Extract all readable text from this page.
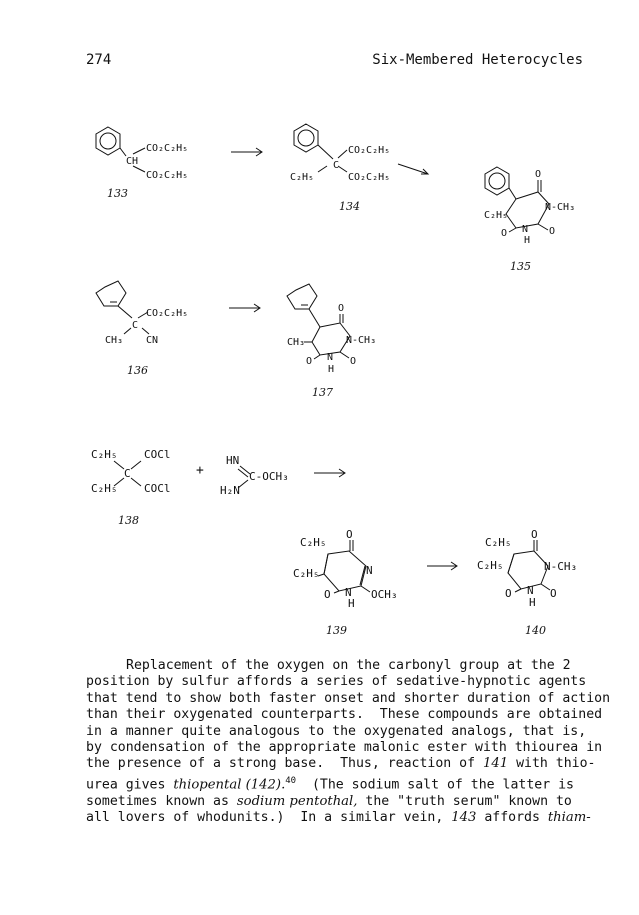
274	Six-Membered Heterocycles
CH
CO₂C₂H₅
CO₂C₂H₅
133
C
CO₂C₂H₅
C₂H₅	CO₂C₂H₅
134
O
N-CH₃
C₂H₅
O N
H
O
135
C
CO₂C₂H₅
CH₃ CN
136
O
N-CH₃
CH₃
O N O
H
137
C₂H₅ COCl
C
C₂H₅ COCl
138
+
HN
C-OCH₃
H₂N
O
C₂H₅
C₂H₅	N
O N OCH₃
H
139
O
C₂H₅
C₂H₅	N-CH₃
O N O
H
140
Replacement of the oxygen on the carbonyl group at the 2
position by sulfur affords a series of sedative-hypnotic agents
that tend to show both faster onset and shorter duration of action
than their oxygenated counterparts.  These compounds are obtained
in a manner quite analogous to the oxygenated analogs, that is,
by condensation of the appropriate malonic ester with thiourea in
the presence of a strong base.  Thus, reaction of 141 with thio-
urea gives thiopental (142).$^{40}$  (The sodium salt of the latter is
sometimes known as sodium pentothal, the "truth serum" known to
all lovers of whodunits.)  In a similar vein, 143 affords thiam-
